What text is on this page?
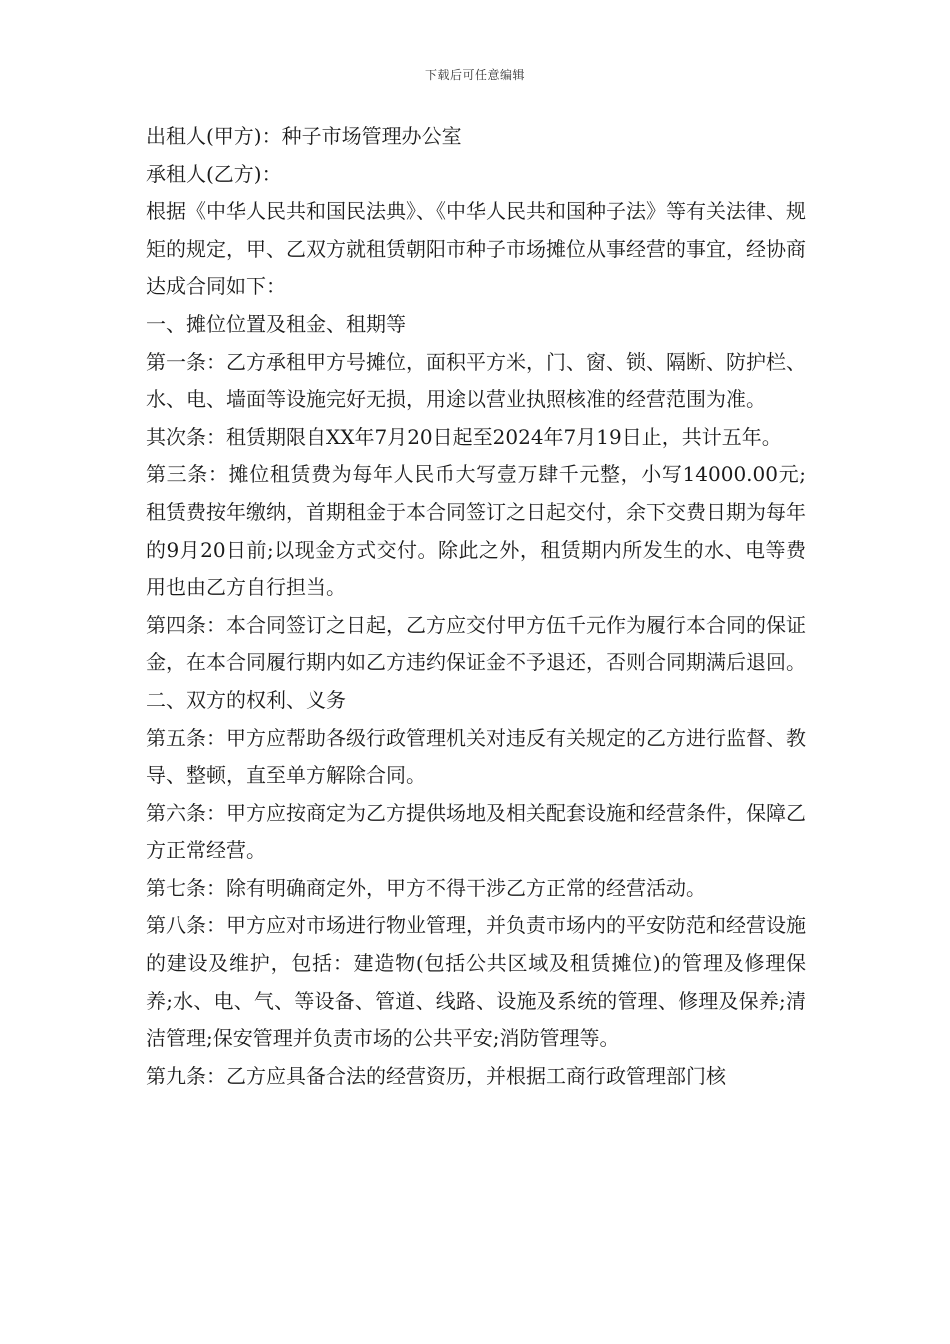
下载后可任意编辑

出租人(甲方)：种子市场管理办公室

承租人(乙方)：

根据《中华人民共和国民法典》、《中华人民共和国种子法》等有关法律、规矩的规定，甲、乙双方就租赁朝阳市种子市场摊位从事经营的事宜，经协商达成合同如下：

一、摊位位置及租金、租期等

第一条：乙方承租甲方号摊位，面积平方米，门、窗、锁、隔断、防护栏、水、电、墙面等设施完好无损，用途以营业执照核准的经营范围为准。

其次条：租赁期限自XX年7月20日起至2024年7月19日止，共计五年。

第三条：摊位租赁费为每年人民币大写壹万肆千元整，小写14000.00元;租赁费按年缴纳，首期租金于本合同签订之日起交付，余下交费日期为每年的9月20日前;以现金方式交付。除此之外，租赁期内所发生的水、电等费用也由乙方自行担当。

第四条：本合同签订之日起，乙方应交付甲方伍千元作为履行本合同的保证金，在本合同履行期内如乙方违约保证金不予退还，否则合同期满后退回。

二、双方的权利、义务

第五条：甲方应帮助各级行政管理机关对违反有关规定的乙方进行监督、教导、整顿，直至单方解除合同。

第六条：甲方应按商定为乙方提供场地及相关配套设施和经营条件，保障乙方正常经营。

第七条：除有明确商定外，甲方不得干涉乙方正常的经营活动。

第八条：甲方应对市场进行物业管理，并负责市场内的平安防范和经营设施的建设及维护，包括：建造物(包括公共区域及租赁摊位)的管理及修理保养;水、电、气、等设备、管道、线路、设施及系统的管理、修理及保养;清洁管理;保安管理并负责市场的公共平安;消防管理等。

第九条：乙方应具备合法的经营资历，并根据工商行政管理部门核
